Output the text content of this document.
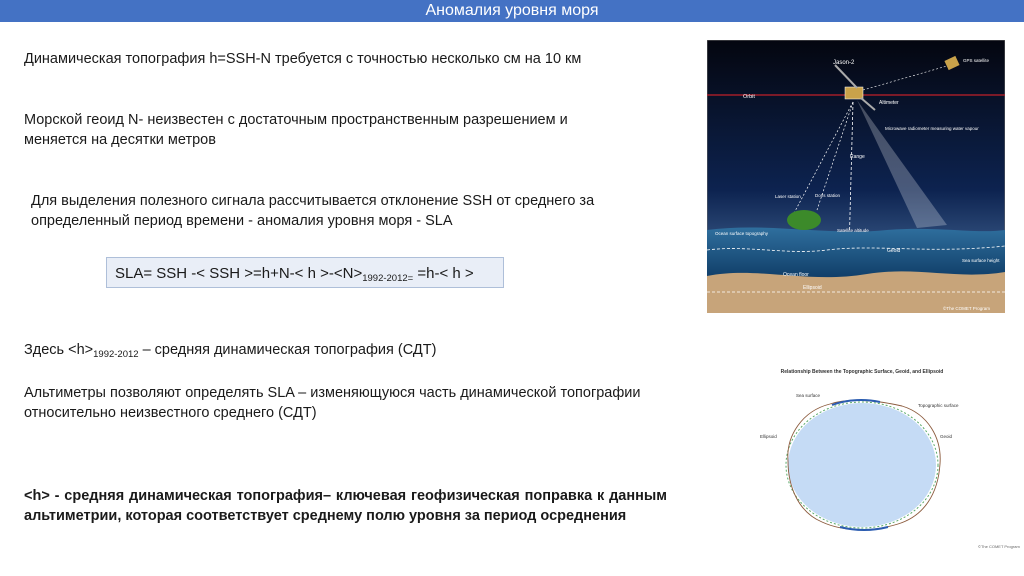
Аномалия уровня моря
Динамическая топография h=SSH-N требуется с точностью несколько см на 10 км
Морской геоид N- неизвестен с достаточным пространственным разрешением и меняется на десятки метров
Для выделения полезного сигнала рассчитывается отклонение SSH от среднего за определенный период времени - аномалия уровня моря - SLA
SLA= SSH -< SSH $>=h+N-< h >-<N>_{1992-2012=} =h-< h$ >
Здесь $<h>_{1992-2012}$ – средняя динамическая топография (СДТ)
Альтиметры позволяют определять SLA – изменяющуюся часть динамической топографии относительно неизвестного среднего (СДТ)
<h> - средняя динамическая топография– ключевая геофизическая поправка к данным альтиметрии, которая соответствует среднему полю уровня за период осреднения
Orbit
Jason-2	GPS satellite
Altimeter
Microwave radiometer measuring water vapour
Range
Laser station	Doris station
Ocean surface topography
Satellite altitude
Geoid
Sea surface height
Ocean floor
Ellipsoid
©The COMET Program
Relationship Between the Topographic Surface, Geoid, and Ellipsoid
Sea surface
Topographic surface
Ellipsoid	Geoid
©The COMET Program
